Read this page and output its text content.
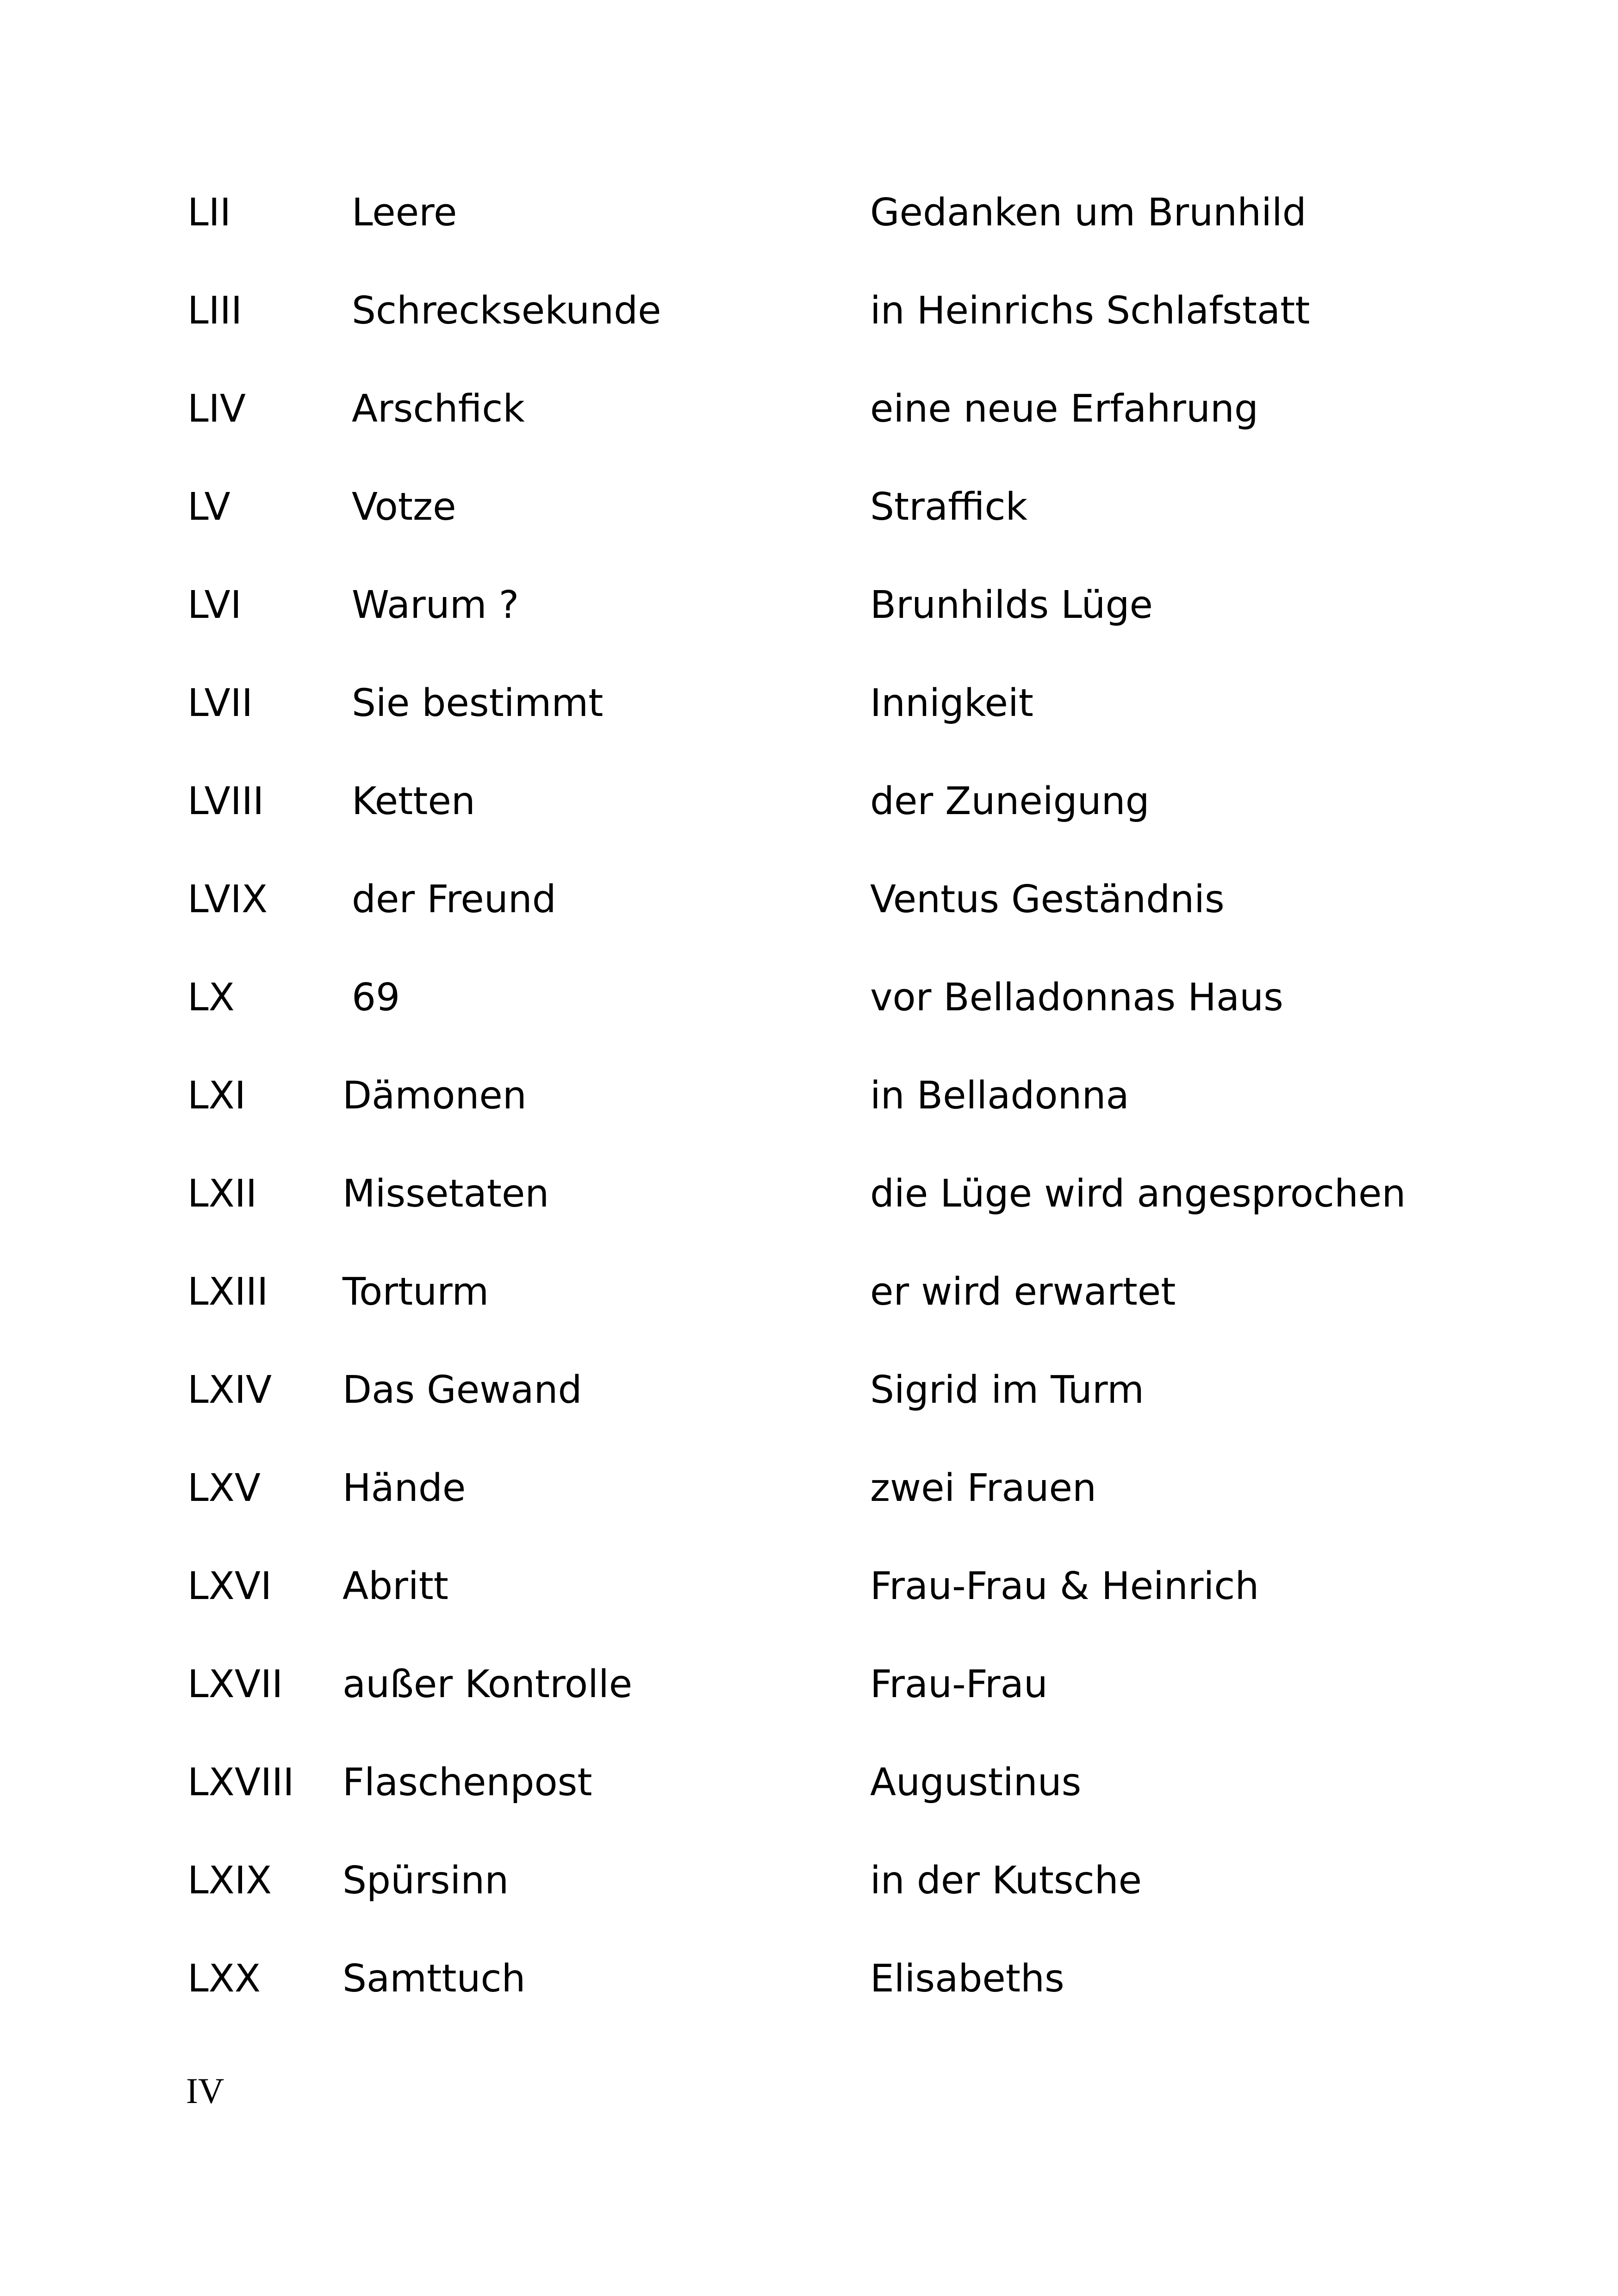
LII	Leere	Gedanken um Brunhild
LIII	Schrecksekunde	in Heinrichs Schlafstatt
LIV	Arschfick	eine neue Erfahrung
LV	Votze	Straffick
LVI	Warum ?	Brunhilds Lüge
LVII	Sie bestimmt	Innigkeit
LVIII Ketten	der Zuneigung
LVIX der Freund	Ventus Geständnis
LX	69	vor Belladonnas Haus
LXI	Dämonen	in Belladonna
LXII Missetaten	die Lüge wird angesprochen
LXIII Torturm	er wird erwartet
LXIV Das Gewand	Sigrid im Turm
LXV Hände	zwei Frauen
LXVI Abritt	Frau-Frau & Heinrich
LXVII außer Kontrolle	Frau-Frau
LXVIII Flaschenpost	Augustinus
LXIX Spürsinn	in der Kutsche
LXX Samttuch	Elisabeths
IV
